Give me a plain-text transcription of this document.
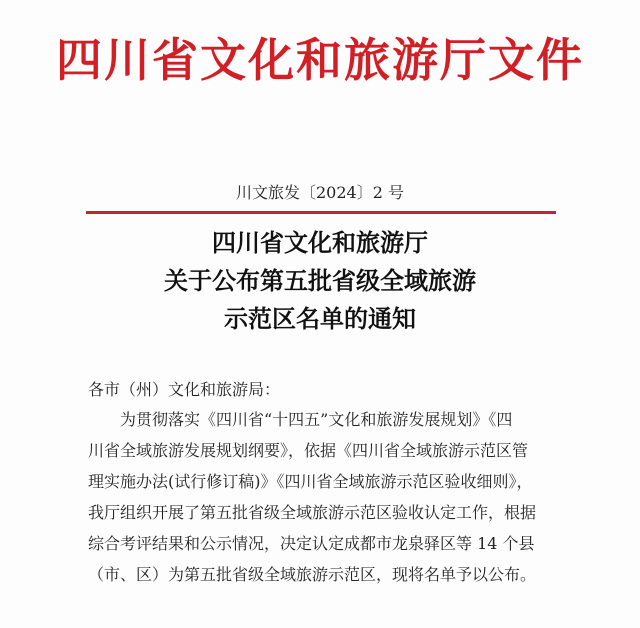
四川省文化和旅游厅文件
川文旅发〔2024〕2 号
四川省文化和旅游厅
关于公布第五批省级全域旅游
示范区名单的通知
各市（州）文化和旅游局：
为贯彻落实《四川省“十四五”文化和旅游发展规划》《四
川省全域旅游发展规划纲要》，依据《四川省全域旅游示范区管
理实施办法(试行修订稿)》《四川省全域旅游示范区验收细则》，
我厅组织开展了第五批省级全域旅游示范区验收认定工作，根据
综合考评结果和公示情况，决定认定成都市龙泉驿区等 14 个县
（市、区）为第五批省级全域旅游示范区，现将名单予以公布。
